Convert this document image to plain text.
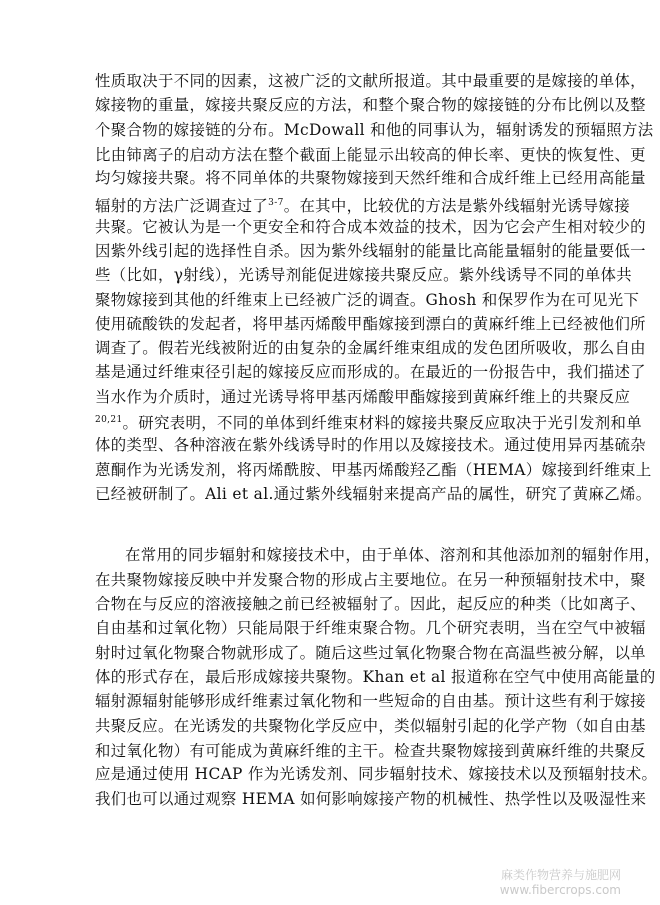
性质取决于不同的因素，这被广泛的文献所报道。其中最重要的是嫁接的单体，
嫁接物的重量，嫁接共聚反应的方法，和整个聚合物的嫁接链的分布比例以及整
个聚合物的嫁接链的分布。McDowall 和他的同事认为，辐射诱发的预辐照方法
比由铈离子的启动方法在整个截面上能显示出较高的伸长率、更快的恢复性、更
均匀嫁接共聚。将不同单体的共聚物嫁接到天然纤维和合成纤维上已经用高能量
辐射的方法广泛调查过了$^{3-7}$。在其中，比较优的方法是紫外线辐射光诱导嫁接
共聚。它被认为是一个更安全和符合成本效益的技术，因为它会产生相对较少的
因紫外线引起的选择性自杀。因为紫外线辐射的能量比高能量辐射的能量要低一
些（比如，γ射线），光诱导剂能促进嫁接共聚反应。紫外线诱导不同的单体共
聚物嫁接到其他的纤维束上已经被广泛的调查。Ghosh 和保罗作为在可见光下
使用硫酸铁的发起者，将甲基丙烯酸甲酯嫁接到漂白的黄麻纤维上已经被他们所
调查了。假若光线被附近的由复杂的金属纤维束组成的发色团所吸收，那么自由
基是通过纤维束径引起的嫁接反应而形成的。在最近的一份报告中，我们描述了
当水作为介质时，通过光诱导将甲基丙烯酸甲酯嫁接到黄麻纤维上的共聚反应
$^{20,21}$。研究表明，不同的单体到纤维束材料的嫁接共聚反应取决于光引发剂和单
体的类型、各种溶液在紫外线诱导时的作用以及嫁接技术。通过使用异丙基硫杂
蒽酮作为光诱发剂，将丙烯酰胺、甲基丙烯酸羟乙酯（HEMA）嫁接到纤维束上
已经被研制了。Ali et al.通过紫外线辐射来提高产品的属性，研究了黄麻乙烯。
在常用的同步辐射和嫁接技术中，由于单体、溶剂和其他添加剂的辐射作用，
在共聚物嫁接反映中并发聚合物的形成占主要地位。在另一种预辐射技术中，聚
合物在与反应的溶液接触之前已经被辐射了。因此，起反应的种类（比如离子、
自由基和过氧化物）只能局限于纤维束聚合物。几个研究表明，当在空气中被辐
射时过氧化物聚合物就形成了。随后这些过氧化物聚合物在高温些被分解，以单
体的形式存在，最后形成嫁接共聚物。Khan et al 报道称在空气中使用高能量的
辐射源辐射能够形成纤维素过氧化物和一些短命的自由基。预计这些有利于嫁接
共聚反应。在光诱发的共聚物化学反应中，类似辐射引起的化学产物（如自由基
和过氧化物）有可能成为黄麻纤维的主干。检查共聚物嫁接到黄麻纤维的共聚反
应是通过使用 HCAP 作为光诱发剂、同步辐射技术、嫁接技术以及预辐射技术。
我们也可以通过观察 HEMA 如何影响嫁接产物的机械性、热学性以及吸湿性来
麻类作物营养与施肥网
www.fibercrops.com
